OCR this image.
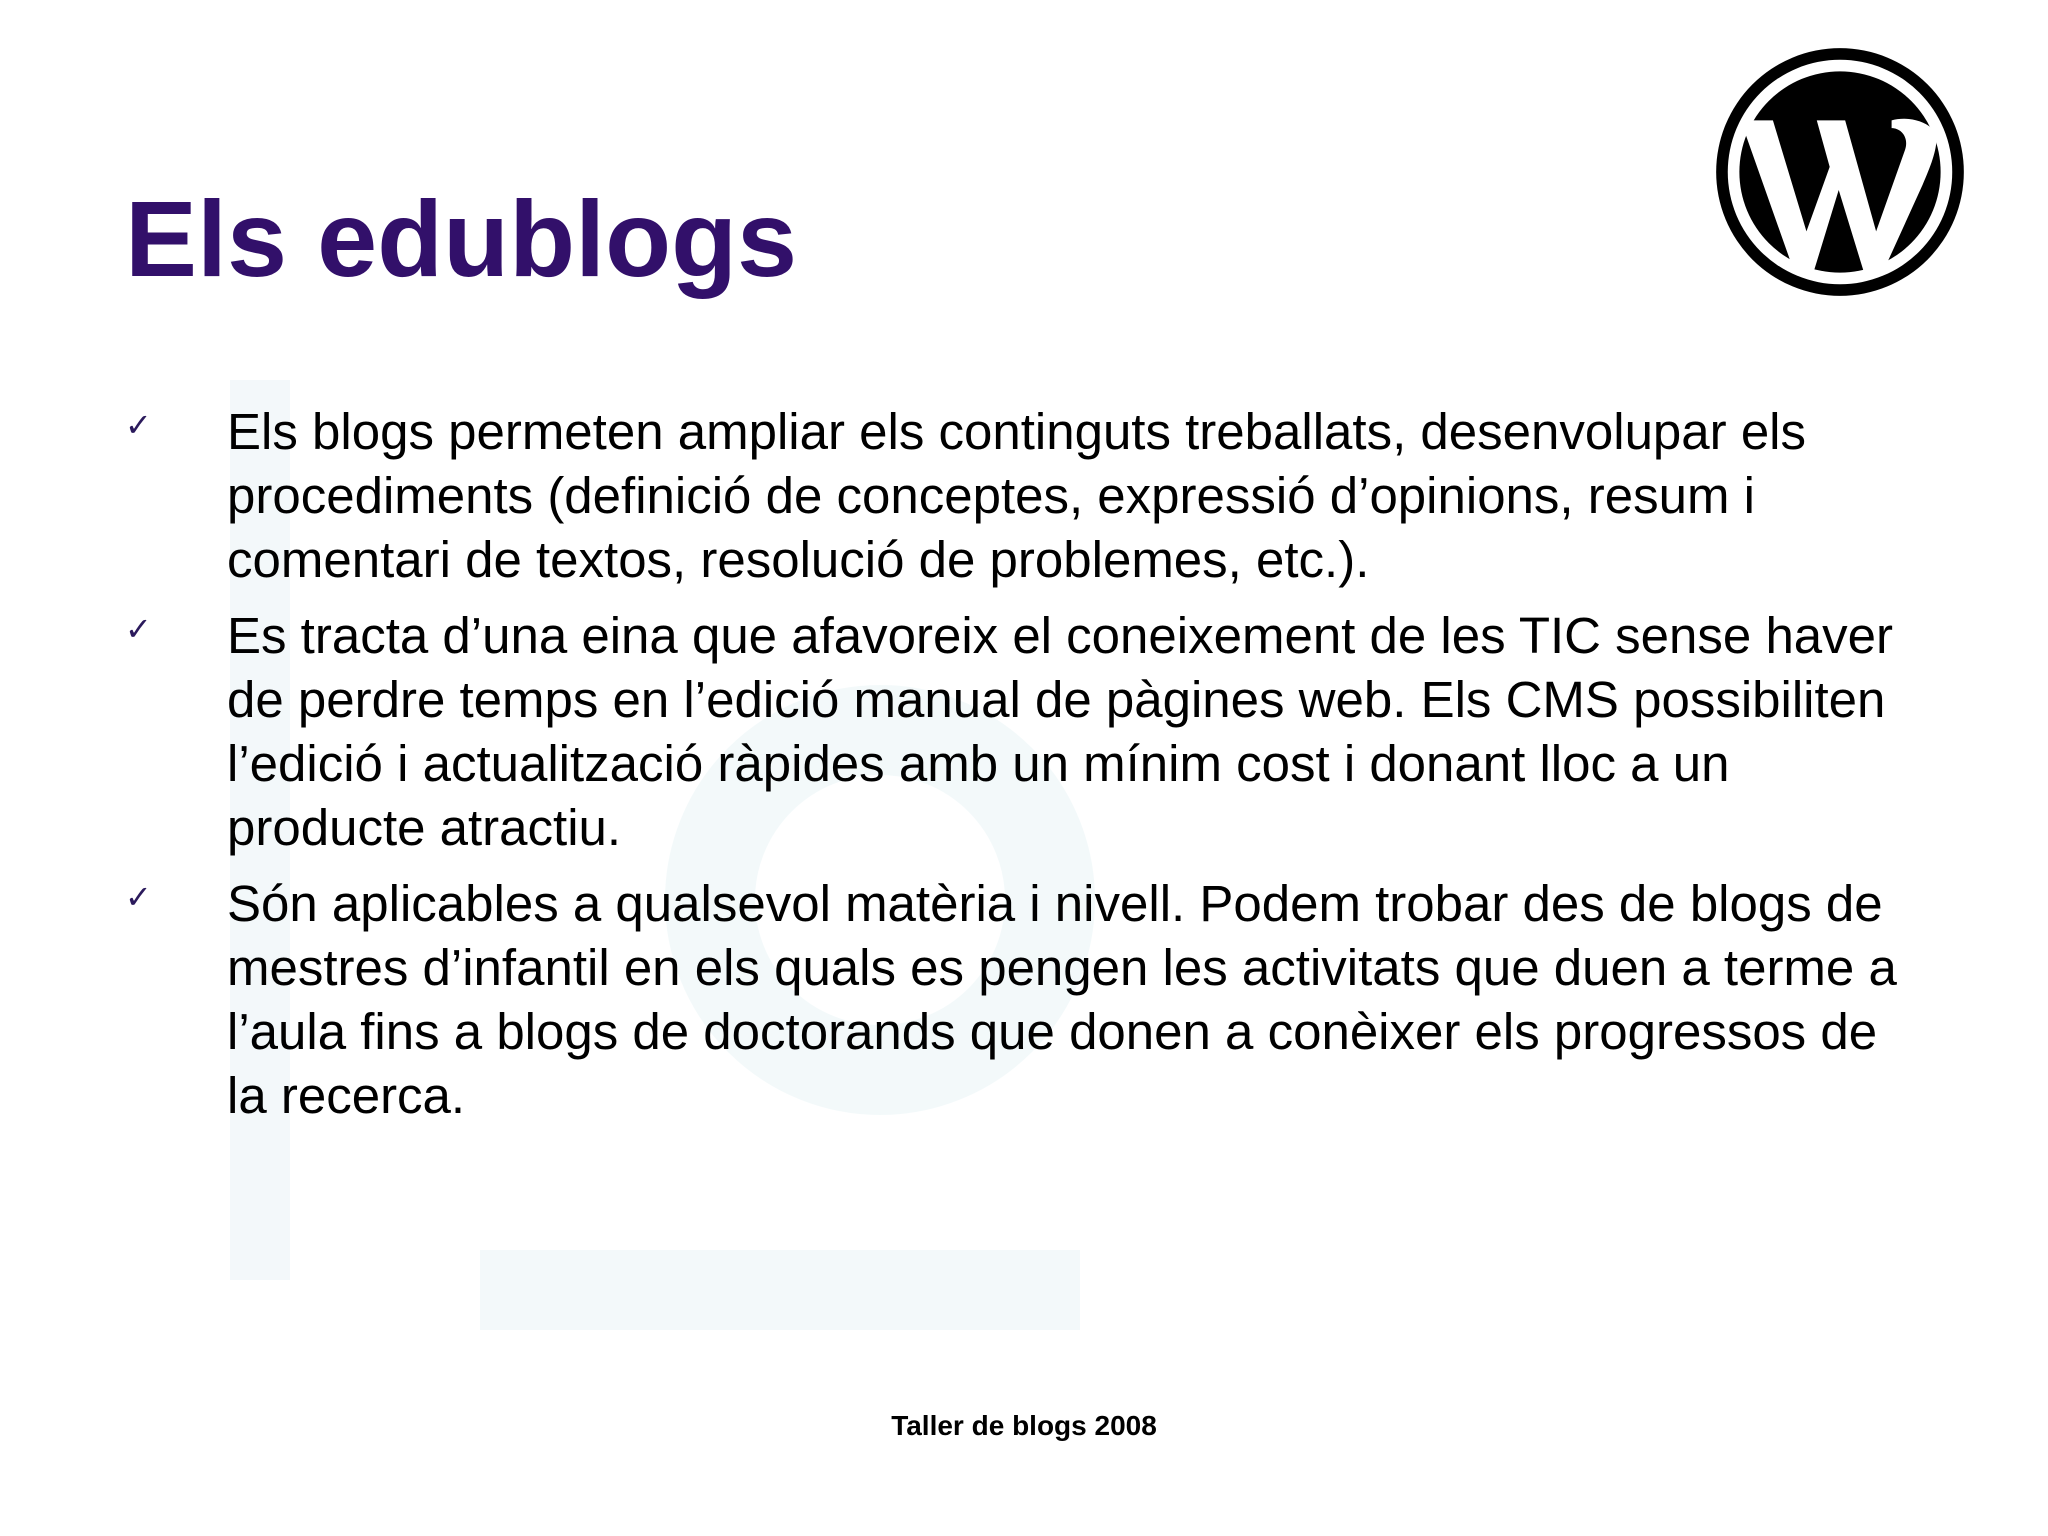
Els edublogs
✓ Els blogs permeten ampliar els continguts treballats, desenvolupar els procediments (definició de conceptes, expressió d’opinions, resum i comentari de textos, resolució de problemes, etc.).
✓ Es tracta d’una eina que afavoreix el coneixement de les TIC sense haver de perdre temps en l’edició manual de pàgines web. Els CMS possibiliten l’edició i actualització ràpides amb un mínim cost i donant lloc a un producte atractiu.
✓ Són aplicables a qualsevol matèria i nivell. Podem trobar des de blogs de mestres d’infantil en els quals es pengen les activitats que duen a terme a l’aula fins a blogs de doctorands que donen a conèixer els progressos de la recerca.
Taller de blogs 2008
